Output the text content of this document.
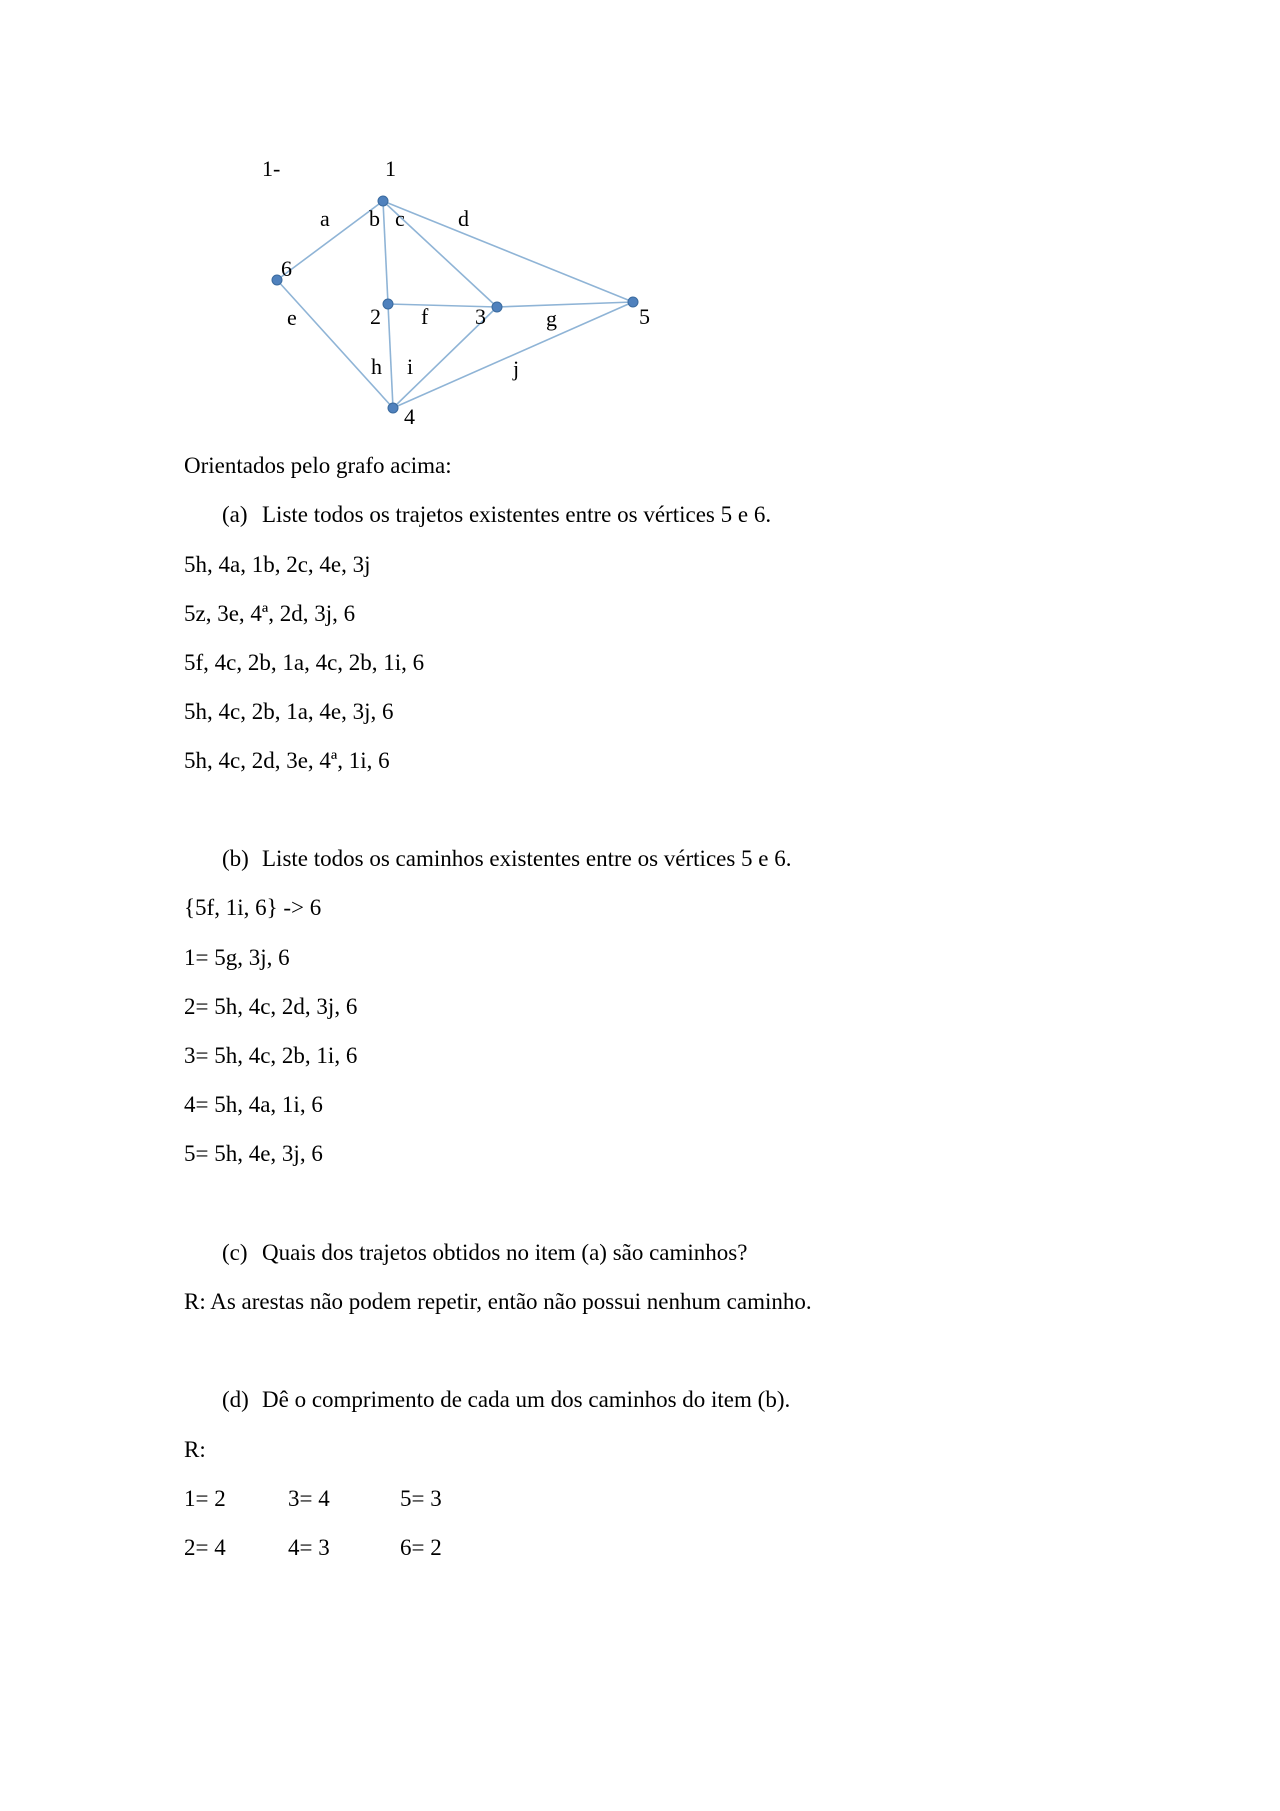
1-	1
2	3
4
5
6
a b c d
e	f	g
h i	j
Orientados pelo grafo acima:
(a) Liste todos os trajetos existentes entre os vértices 5 e 6.
5h, 4a, 1b, 2c, 4e, 3j
5z, 3e, 4ª, 2d, 3j, 6
5f, 4c, 2b, 1a, 4c, 2b, 1i, 6
5h, 4c, 2b, 1a, 4e, 3j, 6
5h, 4c, 2d, 3e, 4ª, 1i, 6
(b) Liste todos os caminhos existentes entre os vértices 5 e 6.
{5f, 1i, 6} -> 6
1= 5g, 3j, 6
2= 5h, 4c, 2d, 3j, 6
3= 5h, 4c, 2b, 1i, 6
4= 5h, 4a, 1i, 6
5= 5h, 4e, 3j, 6
(c) Quais dos trajetos obtidos no item (a) são caminhos?
R: As arestas não podem repetir, então não possui nenhum caminho.
(d) Dê o comprimento de cada um dos caminhos do item (b).
R:
1= 2	3= 4	5= 3
2= 4	4= 3	6= 2
